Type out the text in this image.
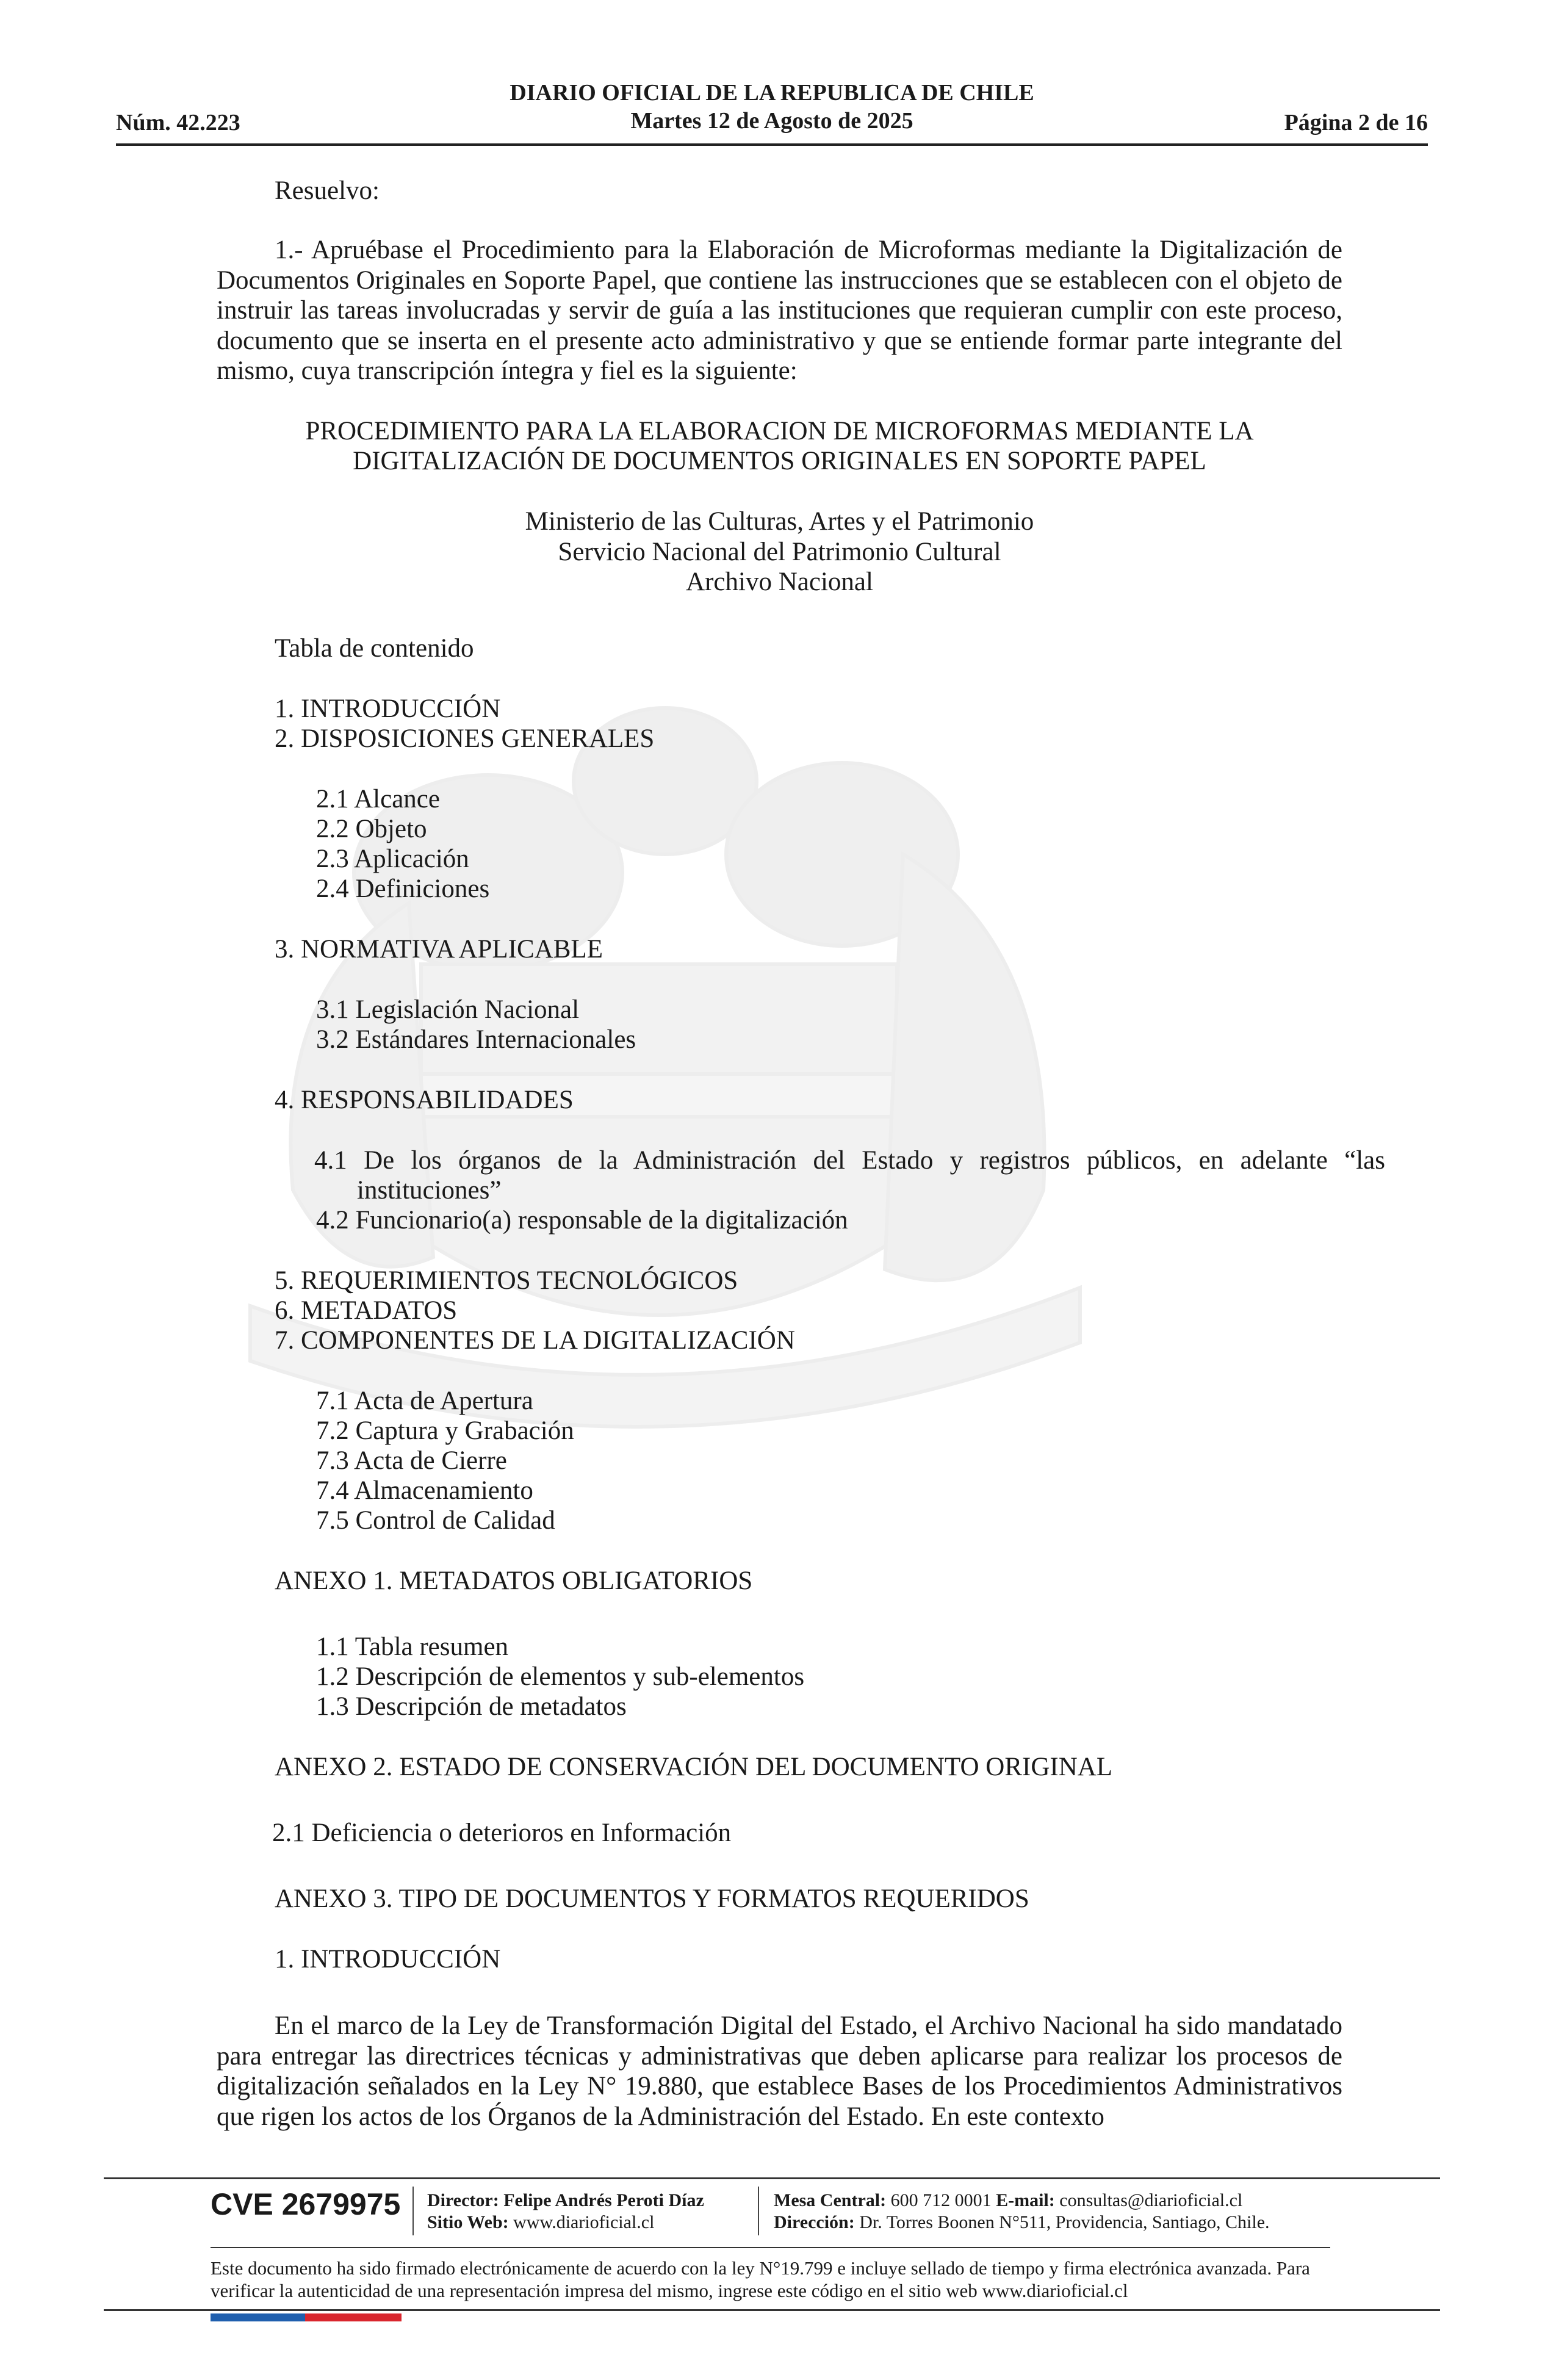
Núm. 42.223
DIARIO OFICIAL DE LA REPUBLICA DE CHILE
Martes 12 de Agosto de 2025	Página 2 de 16
Resuelvo:
1.- Apruébase el Procedimiento para la Elaboración de Microformas mediante la Digitalización de Documentos Originales en Soporte Papel, que contiene las instrucciones que se establecen con el objeto de instruir las tareas involucradas y servir de guía a las instituciones que requieran cumplir con este proceso, documento que se inserta en el presente acto administrativo y que se entiende formar parte integrante del mismo, cuya transcripción íntegra y fiel es la siguiente:
PROCEDIMIENTO PARA LA ELABORACION DE MICROFORMAS MEDIANTE LA
DIGITALIZACIÓN DE DOCUMENTOS ORIGINALES EN SOPORTE PAPEL
Ministerio de las Culturas, Artes y el Patrimonio
Servicio Nacional del Patrimonio Cultural
Archivo Nacional
Tabla de contenido
1. INTRODUCCIÓN
2. DISPOSICIONES GENERALES
2.1 Alcance
2.2 Objeto
2.3 Aplicación
2.4 Definiciones
3. NORMATIVA APLICABLE
3.1 Legislación Nacional
3.2 Estándares Internacionales
4. RESPONSABILIDADES
4.1 De los órganos de la Administración del Estado y registros públicos, en adelante “las instituciones”
4.2 Funcionario(a) responsable de la digitalización
5. REQUERIMIENTOS TECNOLÓGICOS
6. METADATOS
7. COMPONENTES DE LA DIGITALIZACIÓN
7.1 Acta de Apertura
7.2 Captura y Grabación
7.3 Acta de Cierre
7.4 Almacenamiento
7.5 Control de Calidad
ANEXO 1. METADATOS OBLIGATORIOS
1.1 Tabla resumen
1.2 Descripción de elementos y sub-elementos
1.3 Descripción de metadatos
ANEXO 2. ESTADO DE CONSERVACIÓN DEL DOCUMENTO ORIGINAL
2.1 Deficiencia o deterioros en Información
ANEXO 3. TIPO DE DOCUMENTOS Y FORMATOS REQUERIDOS
1. INTRODUCCIÓN
En el marco de la Ley de Transformación Digital del Estado, el Archivo Nacional ha sido mandatado para entregar las directrices técnicas y administrativas que deben aplicarse para realizar los procesos de digitalización señalados en la Ley N° 19.880, que establece Bases de los Procedimientos Administrativos que rigen los actos de los Órganos de la Administración del Estado. En este contexto
CVE 2679975 Director: Felipe Andrés Peroti Díaz
Sitio Web: www.diarioficial.cl
Mesa Central: 600 712 0001 E-mail: consultas@diarioficial.cl
Dirección: Dr. Torres Boonen N°511, Providencia, Santiago, Chile.
Este documento ha sido firmado electrónicamente de acuerdo con la ley N°19.799 e incluye sellado de tiempo y firma electrónica avanzada. Para verificar la autenticidad de una representación impresa del mismo, ingrese este código en el sitio web www.diarioficial.cl
